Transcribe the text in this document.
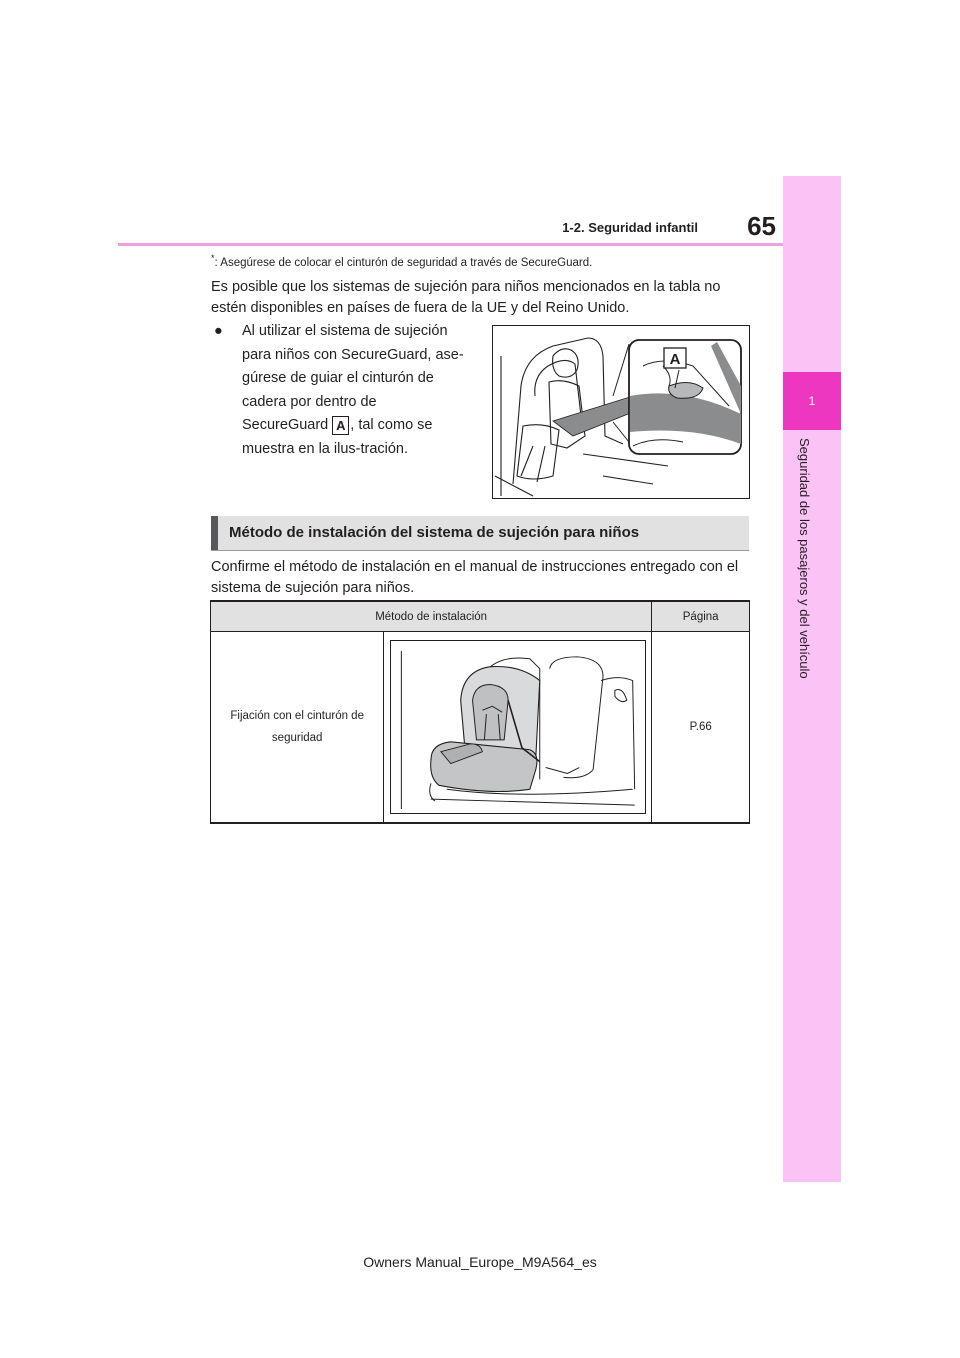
1
Seguridad de los pasajeros y del vehículo
65
1-2. Seguridad infantil
*: Asegúrese de colocar el cinturón de seguridad a través de SecureGuard.
Es posible que los sistemas de sujeción para niños mencionados en la tabla no estén disponibles en países de fuera de la UE y del Reino Unido.
●	Al utilizar el sistema de sujeción para niños con SecureGuard, ase-gúrese de guiar el cinturón de cadera por dentro de SecureGuard A , tal como se muestra en la ilus-tración.
A
Método de instalación del sistema de sujeción para niños
Confirme el método de instalación en el manual de instrucciones entregado con el sistema de sujeción para niños.
Método de instalación		Página
Fijación con el cinturón de seguridad		P.66
Owners Manual_Europe_M9A564_es
